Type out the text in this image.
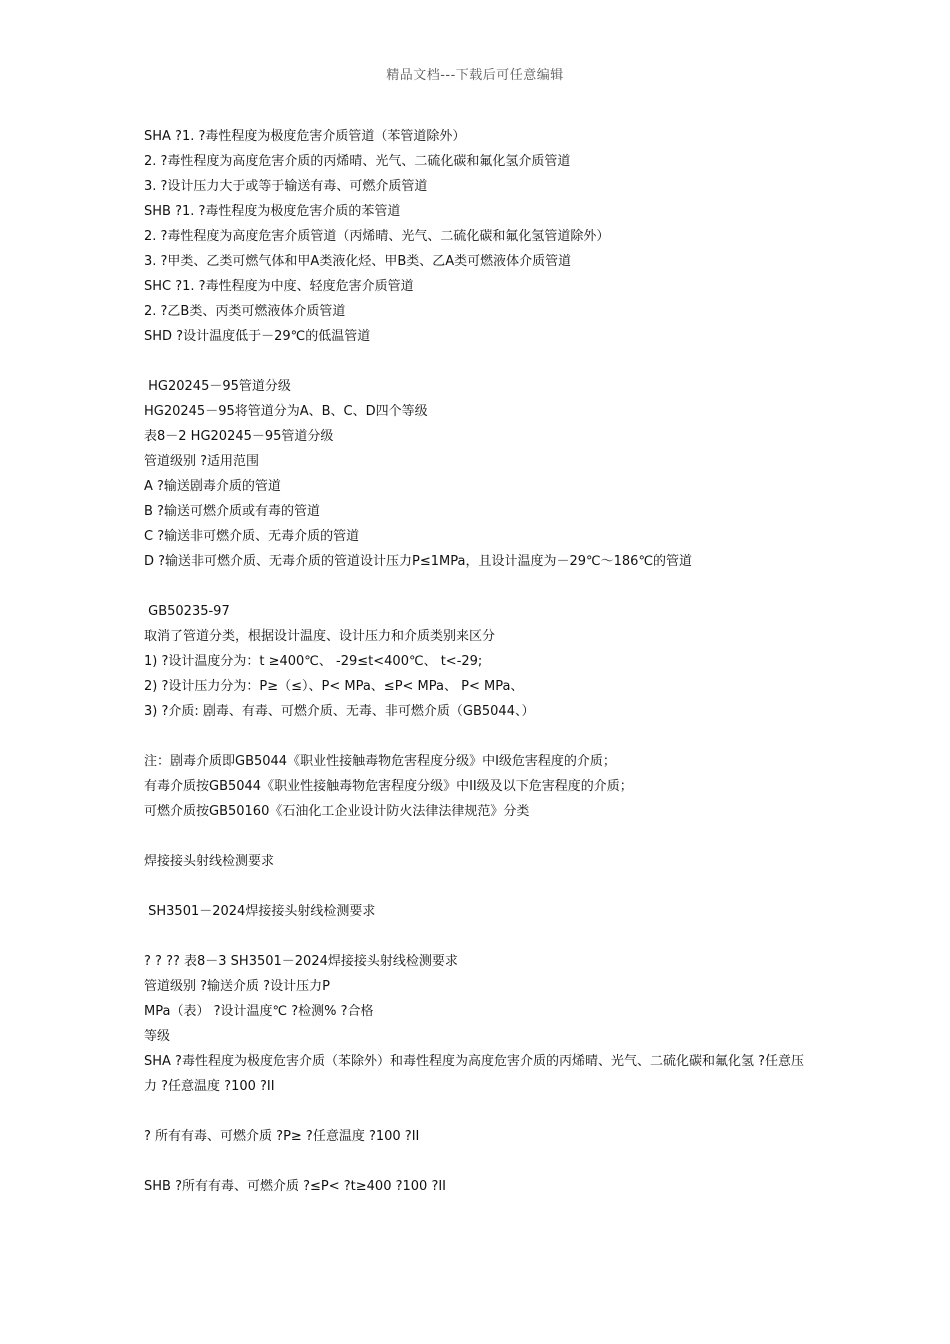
精品文档---下载后可任意编辑
SHA ?1. ?毒性程度为极度危害介质管道（苯管道除外）
2. ?毒性程度为高度危害介质的丙烯晴、光气、二硫化碳和氟化氢介质管道
3. ?设计压力大于或等于输送有毒、可燃介质管道
SHB ?1. ?毒性程度为极度危害介质的苯管道
2. ?毒性程度为高度危害介质管道（丙烯晴、光气、二硫化碳和氟化氢管道除外）
3. ?甲类、乙类可燃气体和甲A类液化烃、甲B类、乙A类可燃液体介质管道
SHC ?1. ?毒性程度为中度、轻度危害介质管道
2. ?乙B类、丙类可燃液体介质管道
SHD ?设计温度低于－29℃的低温管道
HG20245－95管道分级
HG20245－95将管道分为A、B、C、D四个等级
表8－2 HG20245－95管道分级
管道级别 ?适用范围
A ?输送剧毒介质的管道
B ?输送可燃介质或有毒的管道
C ?输送非可燃介质、无毒介质的管道
D ?输送非可燃介质、无毒介质的管道设计压力P≤1MPa，且设计温度为－29℃～186℃的管道
GB50235-97
取消了管道分类，根据设计温度、设计压力和介质类别来区分
1) ?设计温度分为：t ≥400℃、 -29≤t<400℃、 t<-29;
2) ?设计压力分为：P≥（≤）、P< MPa、≤P< MPa、 P< MPa、
3) ?介质: 剧毒、有毒、可燃介质、无毒、非可燃介质（GB5044、）
注：剧毒介质即GB5044《职业性接触毒物危害程度分级》中Ⅰ级危害程度的介质；
有毒介质按GB5044《职业性接触毒物危害程度分级》中ⅠⅠ级及以下危害程度的介质；
可燃介质按GB50160《石油化工企业设计防火法律法律规范》分类
焊接接头射线检测要求
SH3501－2024焊接接头射线检测要求
? ? ?? 表8－3 SH3501－2024焊接接头射线检测要求
管道级别 ?输送介质 ?设计压力P
MPa（表） ?设计温度℃ ?检测% ?合格
等级
SHA ?毒性程度为极度危害介质（苯除外）和毒性程度为高度危害介质的丙烯晴、光气、二硫化碳和氟化氢 ?任意压力 ?任意温度 ?100 ?ⅠⅠ
? 所有有毒、可燃介质 ?P≥ ?任意温度 ?100 ?ⅠⅠ
SHB ?所有有毒、可燃介质 ?≤P< ?t≥400 ?100 ?ⅠⅠ
